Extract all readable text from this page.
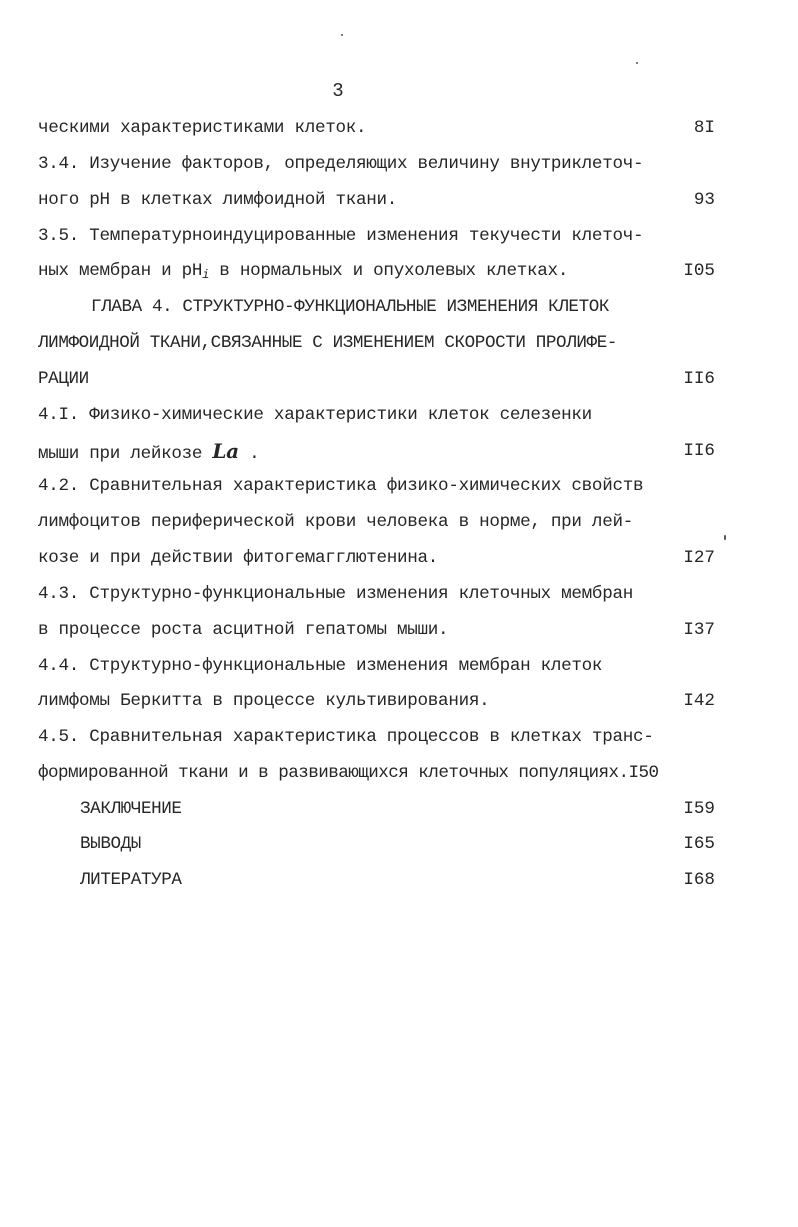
3
ческими характеристиками клеток.	8I
3.4. Изучение факторов, определяющих величину внутриклеточ-
ного рН в клетках лимфоидной ткани.	93
3.5. Температурноиндуцированные изменения текучести клеточ-
ных мембран и $рН_i$ в нормальных и опухолевых клетках.	I05
ГЛАВА 4. СТРУКТУРНО-ФУНКЦИОНАЛЬНЫЕ ИЗМЕНЕНИЯ КЛЕТОК
ЛИМФОИДНОЙ ТКАНИ,СВЯЗАННЫЕ С ИЗМЕНЕНИЕМ СКОРОСТИ ПРОЛИФЕ-
РАЦИИ	II6
4.I. Физико-химические характеристики клеток селезенки
мыши при лейкозе La .	II6
4.2. Сравнительная характеристика физико-химических свойств
лимфоцитов периферической крови человека в норме, при лей-
козе и при действии фитогемагглютенина.	I27
4.3. Структурно-функциональные изменения клеточных мембран
в процессе роста асцитной гепатомы мыши.	I37
4.4. Структурно-функциональные изменения мембран клеток
лимфомы Беркитта в процессе культивирования.	I42
4.5. Сравнительная характеристика процессов в клетках транс-
формированной ткани и в развивающихся клеточных популяциях.I50
ЗАКЛЮЧЕНИЕ	I59
ВЫВОДЫ	I65
ЛИТЕРАТУРА	I68
